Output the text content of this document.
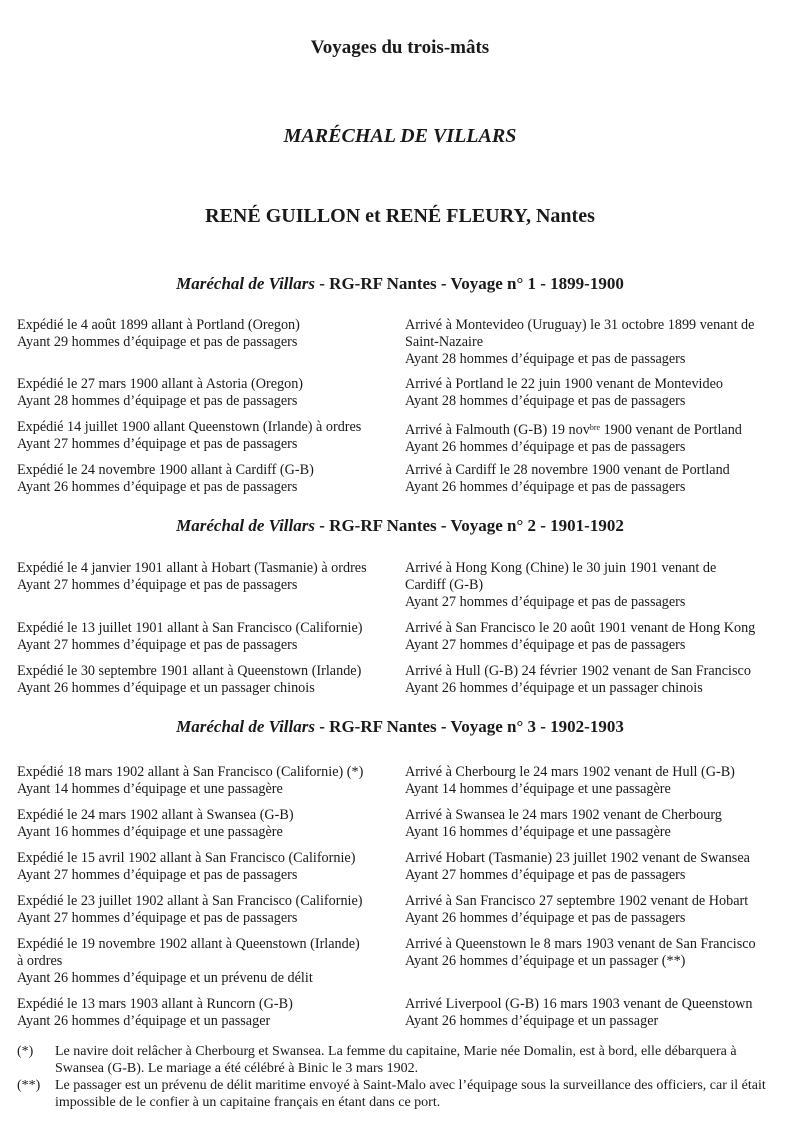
Voyages du trois-mâts
MARÉCHAL DE VILLARS
RENÉ GUILLON et RENÉ FLEURY, Nantes
Maréchal de Villars - RG-RF Nantes - Voyage n° 1 - 1899-1900
Expédié le 4 août 1899 allant à Portland (Oregon)
Ayant 29 hommes d’équipage et pas de passagers
Arrivé à Montevideo (Uruguay) le 31 octobre 1899 venant de
Saint-Nazaire
Ayant 28 hommes d’équipage et pas de passagers
Expédié le 27 mars 1900 allant à Astoria (Oregon)
Ayant 28 hommes d’équipage et pas de passagers
Arrivé à Portland le 22 juin 1900 venant de Montevideo
Ayant 28 hommes d’équipage et pas de passagers
Expédié 14 juillet 1900 allant Queenstown (Irlande) à ordres
Ayant 27 hommes d’équipage et pas de passagers
Arrivé à Falmouth (G-B) 19 nov$^{bre}$ 1900 venant de Portland
Ayant 26 hommes d’équipage et pas de passagers
Expédié le 24 novembre 1900 allant à Cardiff (G-B)
Ayant 26 hommes d’équipage et pas de passagers
Arrivé à Cardiff le 28 novembre 1900 venant de Portland
Ayant 26 hommes d’équipage et pas de passagers
Maréchal de Villars - RG-RF Nantes - Voyage n° 2 - 1901-1902
Expédié le 4 janvier 1901 allant à Hobart (Tasmanie) à ordres
Ayant 27 hommes d’équipage et pas de passagers
Arrivé à Hong Kong (Chine) le 30 juin 1901 venant de
Cardiff (G-B)
Ayant 27 hommes d’équipage et pas de passagers
Expédié le 13 juillet 1901 allant à San Francisco (Californie)
Ayant 27 hommes d’équipage et pas de passagers
Arrivé à San Francisco le 20 août 1901 venant de Hong Kong
Ayant 27 hommes d’équipage et pas de passagers
Expédié le 30 septembre 1901 allant à Queenstown (Irlande)
Ayant 26 hommes d’équipage et un passager chinois
Arrivé à Hull (G-B) 24 février 1902 venant de San Francisco
Ayant 26 hommes d’équipage et un passager chinois
Maréchal de Villars - RG-RF Nantes - Voyage n° 3 - 1902-1903
Expédié 18 mars 1902 allant à San Francisco (Californie) (*)
Ayant 14 hommes d’équipage et une passagère
Arrivé à Cherbourg le 24 mars 1902 venant de Hull (G-B)
Ayant 14 hommes d’équipage et une passagère
Expédié le 24 mars 1902 allant à Swansea (G-B)
Ayant 16 hommes d’équipage et une passagère
Arrivé à Swansea le 24 mars 1902 venant de Cherbourg
Ayant 16 hommes d’équipage et une passagère
Expédié le 15 avril 1902 allant à San Francisco (Californie)
Ayant 27 hommes d’équipage et pas de passagers
Arrivé Hobart (Tasmanie) 23 juillet 1902 venant de Swansea
Ayant 27 hommes d’équipage et pas de passagers
Expédié le 23 juillet 1902 allant à San Francisco (Californie)
Ayant 27 hommes d’équipage et pas de passagers
Arrivé à San Francisco 27 septembre 1902 venant de Hobart
Ayant 26 hommes d’équipage et pas de passagers
Expédié le 19 novembre 1902 allant à Queenstown (Irlande)
à ordres
Ayant 26 hommes d’équipage et un prévenu de délit
Arrivé à Queenstown le 8 mars 1903 venant de San Francisco
Ayant 26 hommes d’équipage et un passager (**)
Expédié le 13 mars 1903 allant à Runcorn (G-B)
Ayant 26 hommes d’équipage et un passager
Arrivé Liverpool (G-B) 16 mars 1903 venant de Queenstown
Ayant 26 hommes d’équipage et un passager
(*) Le navire doit relâcher à Cherbourg et Swansea. La femme du capitaine, Marie née Domalin, est à bord, elle débarquera à Swansea (G-B). Le mariage a été célébré à Binic le 3 mars 1902.
(**) Le passager est un prévenu de délit maritime envoyé à Saint-Malo avec l’équipage sous la surveillance des officiers, car il était impossible de le confier à un capitaine français en étant dans ce port.
